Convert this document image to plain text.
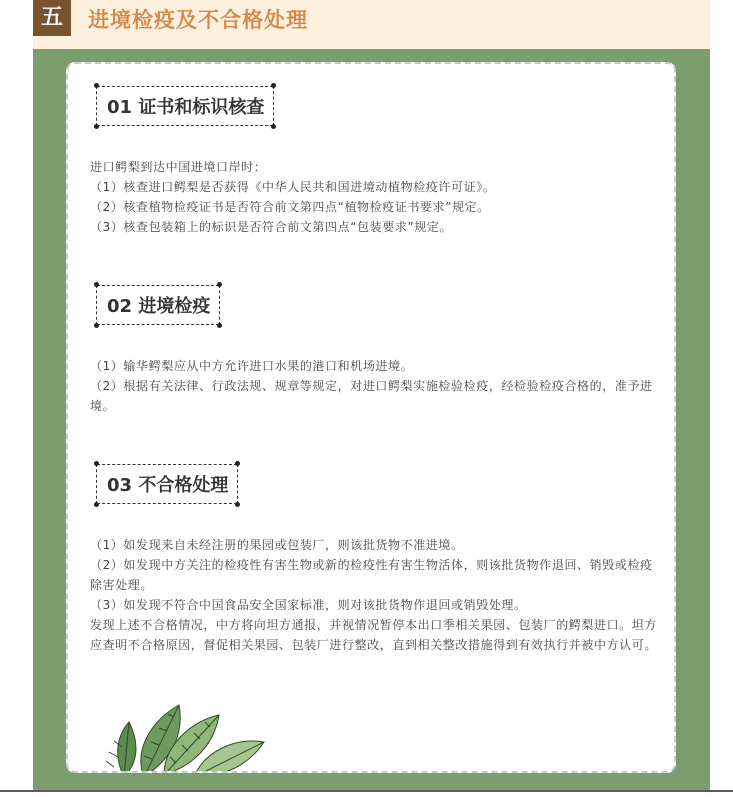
五	进境检疫及不合格处理
01 证书和标识核查

进口鳄梨到达中国进境口岸时：

（1）核查进口鳄梨是否获得《中华人民共和国进境动植物检疫许可证》。

（2）核查植物检疫证书是否符合前文第四点“植物检疫证书要求”规定。

（3）核查包装箱上的标识是否符合前文第四点“包装要求”规定。

02 进境检疫

（1）输华鳄梨应从中方允许进口水果的港口和机场进境。

（2）根据有关法律、行政法规、规章等规定，对进口鳄梨实施检验检疫，经检验检疫合格的，准予进境。

03 不合格处理

（1）如发现来自未经注册的果园或包装厂，则该批货物不准进境。

（2）如发现中方关注的检疫性有害生物或新的检疫性有害生物活体，则该批货物作退回、销毁或检疫除害处理。

（3）如发现不符合中国食品安全国家标准，则对该批货物作退回或销毁处理。

发现上述不合格情况，中方将向坦方通报，并视情况暂停本出口季相关果园、包装厂的鳄梨进口。坦方应查明不合格原因，督促相关果园、包装厂进行整改，直到相关整改措施得到有效执行并被中方认可。
